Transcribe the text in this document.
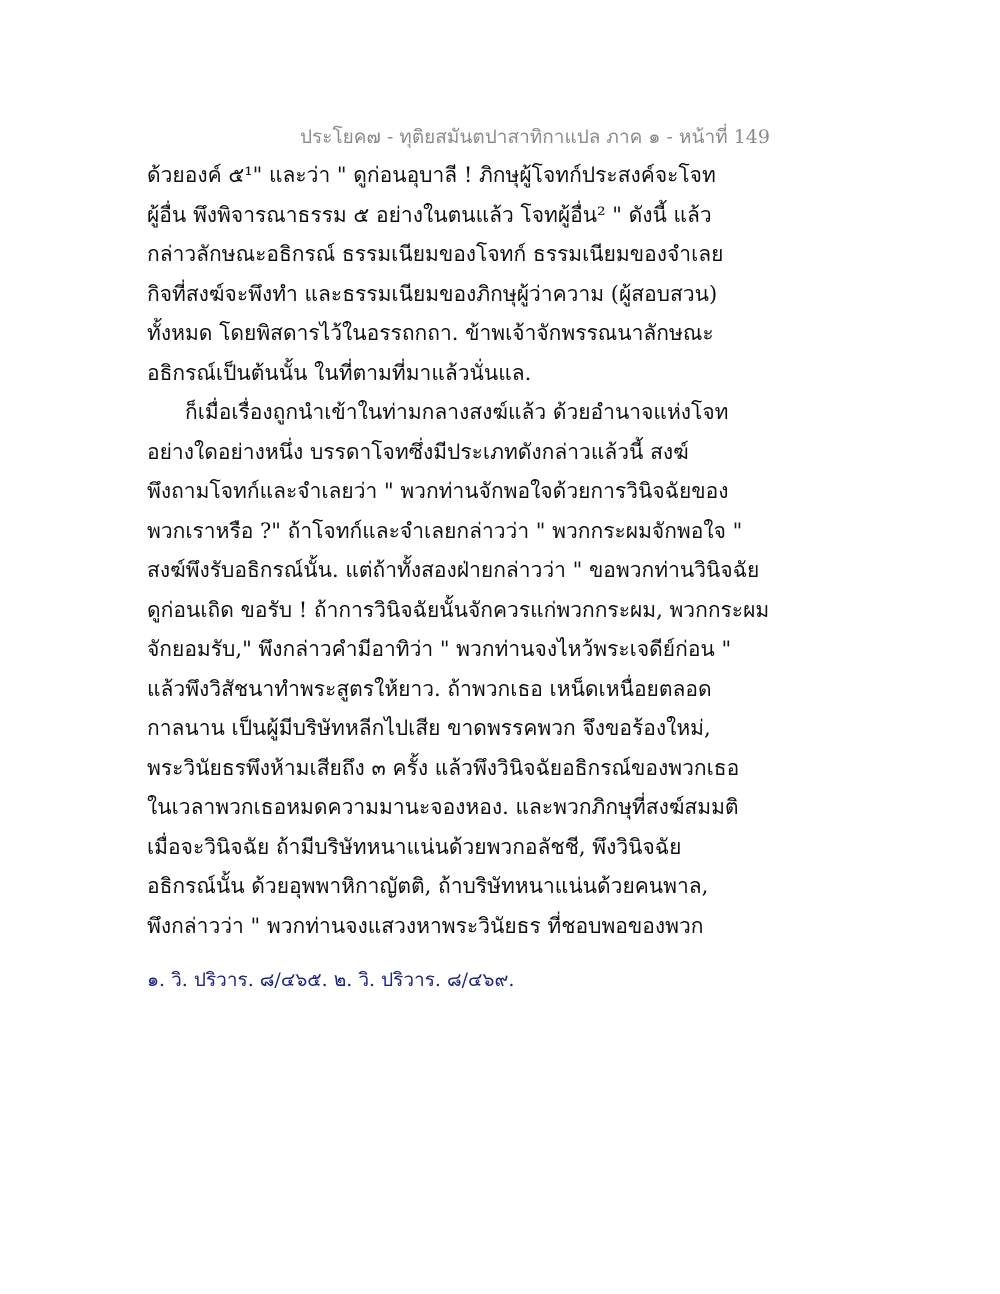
ประโยค๗ - ทุติยสมันตปาสาทิกาแปล ภาค ๑ - หน้าที่ 149
ด้วยองค์ ๕¹" และว่า " ดูก่อนอุบาลี ! ภิกษุผู้โจทก์ประสงค์จะโจท
ผู้อื่น พึงพิจารณาธรรม ๕ อย่างในตนแล้ว โจทผู้อื่น² " ดังนี้ แล้ว
กล่าวลักษณะอธิกรณ์ ธรรมเนียมของโจทก์ ธรรมเนียมของจำเลย
กิจที่สงฆ์จะพึงทำ และธรรมเนียมของภิกษุผู้ว่าความ (ผู้สอบสวน)
ทั้งหมด โดยพิสดารไว้ในอรรถกถา. ข้าพเจ้าจักพรรณนาลักษณะ
อธิกรณ์เป็นต้นนั้น ในที่ตามที่มาแล้วนั่นแล.
ก็เมื่อเรื่องถูกนำเข้าในท่ามกลางสงฆ์แล้ว ด้วยอำนาจแห่งโจท
อย่างใดอย่างหนึ่ง บรรดาโจทซึ่งมีประเภทดังกล่าวแล้วนี้ สงฆ์
พึงถามโจทก์และจำเลยว่า " พวกท่านจักพอใจด้วยการวินิจฉัยของ
พวกเราหรือ ?" ถ้าโจทก์และจำเลยกล่าวว่า " พวกกระผมจักพอใจ "
สงฆ์พึงรับอธิกรณ์นั้น. แต่ถ้าทั้งสองฝ่ายกล่าวว่า " ขอพวกท่านวินิจฉัย
ดูก่อนเถิด ขอรับ ! ถ้าการวินิจฉัยนั้นจักควรแก่พวกกระผม, พวกกระผม
จักยอมรับ," พึงกล่าวคำมีอาทิว่า " พวกท่านจงไหว้พระเจดีย์ก่อน "
แล้วพึงวิสัชนาทำพระสูตรให้ยาว. ถ้าพวกเธอ เหน็ดเหนื่อยตลอด
กาลนาน เป็นผู้มีบริษัทหลีกไปเสีย ขาดพรรคพวก จึงขอร้องใหม่,
พระวินัยธรพึงห้ามเสียถึง ๓ ครั้ง แล้วพึงวินิจฉัยอธิกรณ์ของพวกเธอ
ในเวลาพวกเธอหมดความมานะจองหอง. และพวกภิกษุที่สงฆ์สมมติ
เมื่อจะวินิจฉัย ถ้ามีบริษัทหนาแน่นด้วยพวกอลัชชี, พึงวินิจฉัย
อธิกรณ์นั้น ด้วยอุพพาหิกาญัตติ, ถ้าบริษัทหนาแน่นด้วยคนพาล,
พึงกล่าวว่า " พวกท่านจงแสวงหาพระวินัยธร ที่ชอบพอของพวก
๑. วิ. ปริวาร. ๘/๔๖๕. ๒. วิ. ปริวาร. ๘/๔๖๙.
